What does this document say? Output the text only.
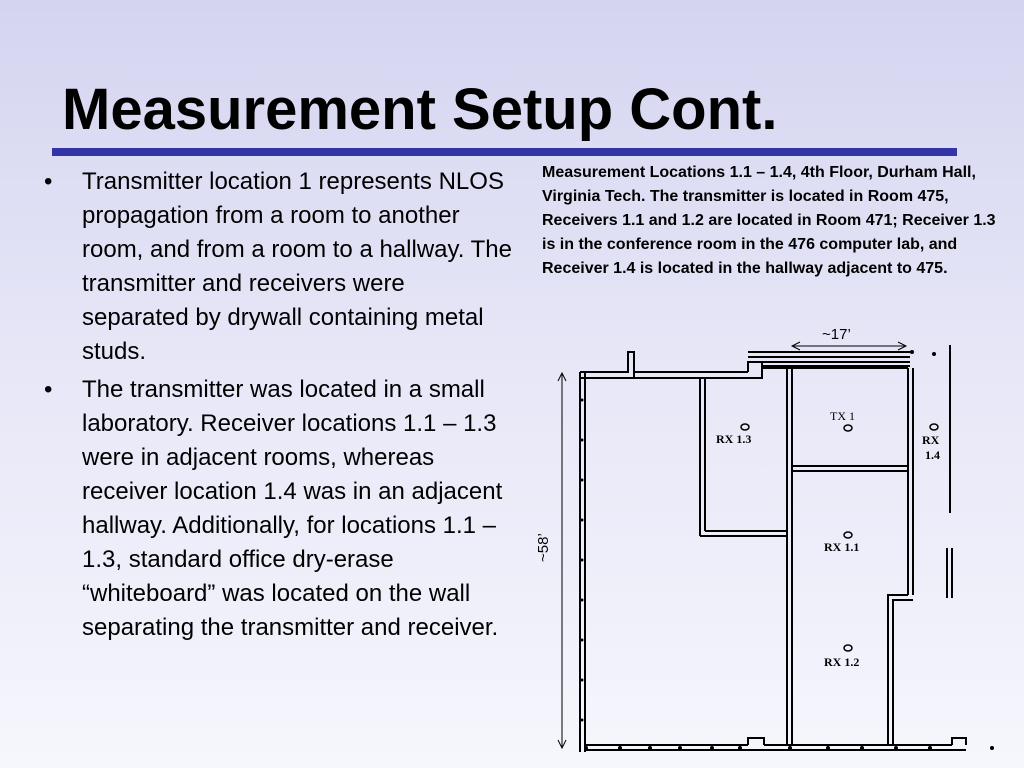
Measurement Setup Cont.
• Transmitter location 1 represents NLOS propagation from a room to another room, and from a room to a hallway. The transmitter and receivers were separated by drywall containing metal studs.
• The transmitter was located in a small laboratory. Receiver locations 1.1 – 1.3 were in adjacent rooms, whereas receiver location 1.4 was in an adjacent hallway. Additionally, for locations 1.1 – 1.3, standard office dry-erase “whiteboard” was located on the wall separating the transmitter and receiver.

Measurement Locations 1.1 – 1.4, 4th Floor, Durham Hall, Virginia Tech. The transmitter is located in Room 475, Receivers 1.1 and 1.2 are located in Room 471; Receiver 1.3 is in the conference room in the 476 computer lab, and Receiver 1.4 is located in the hallway adjacent to 475.

TX 1
RX 1.3	RX
1.4
RX 1.1
RX 1.2
~17’
~58’
